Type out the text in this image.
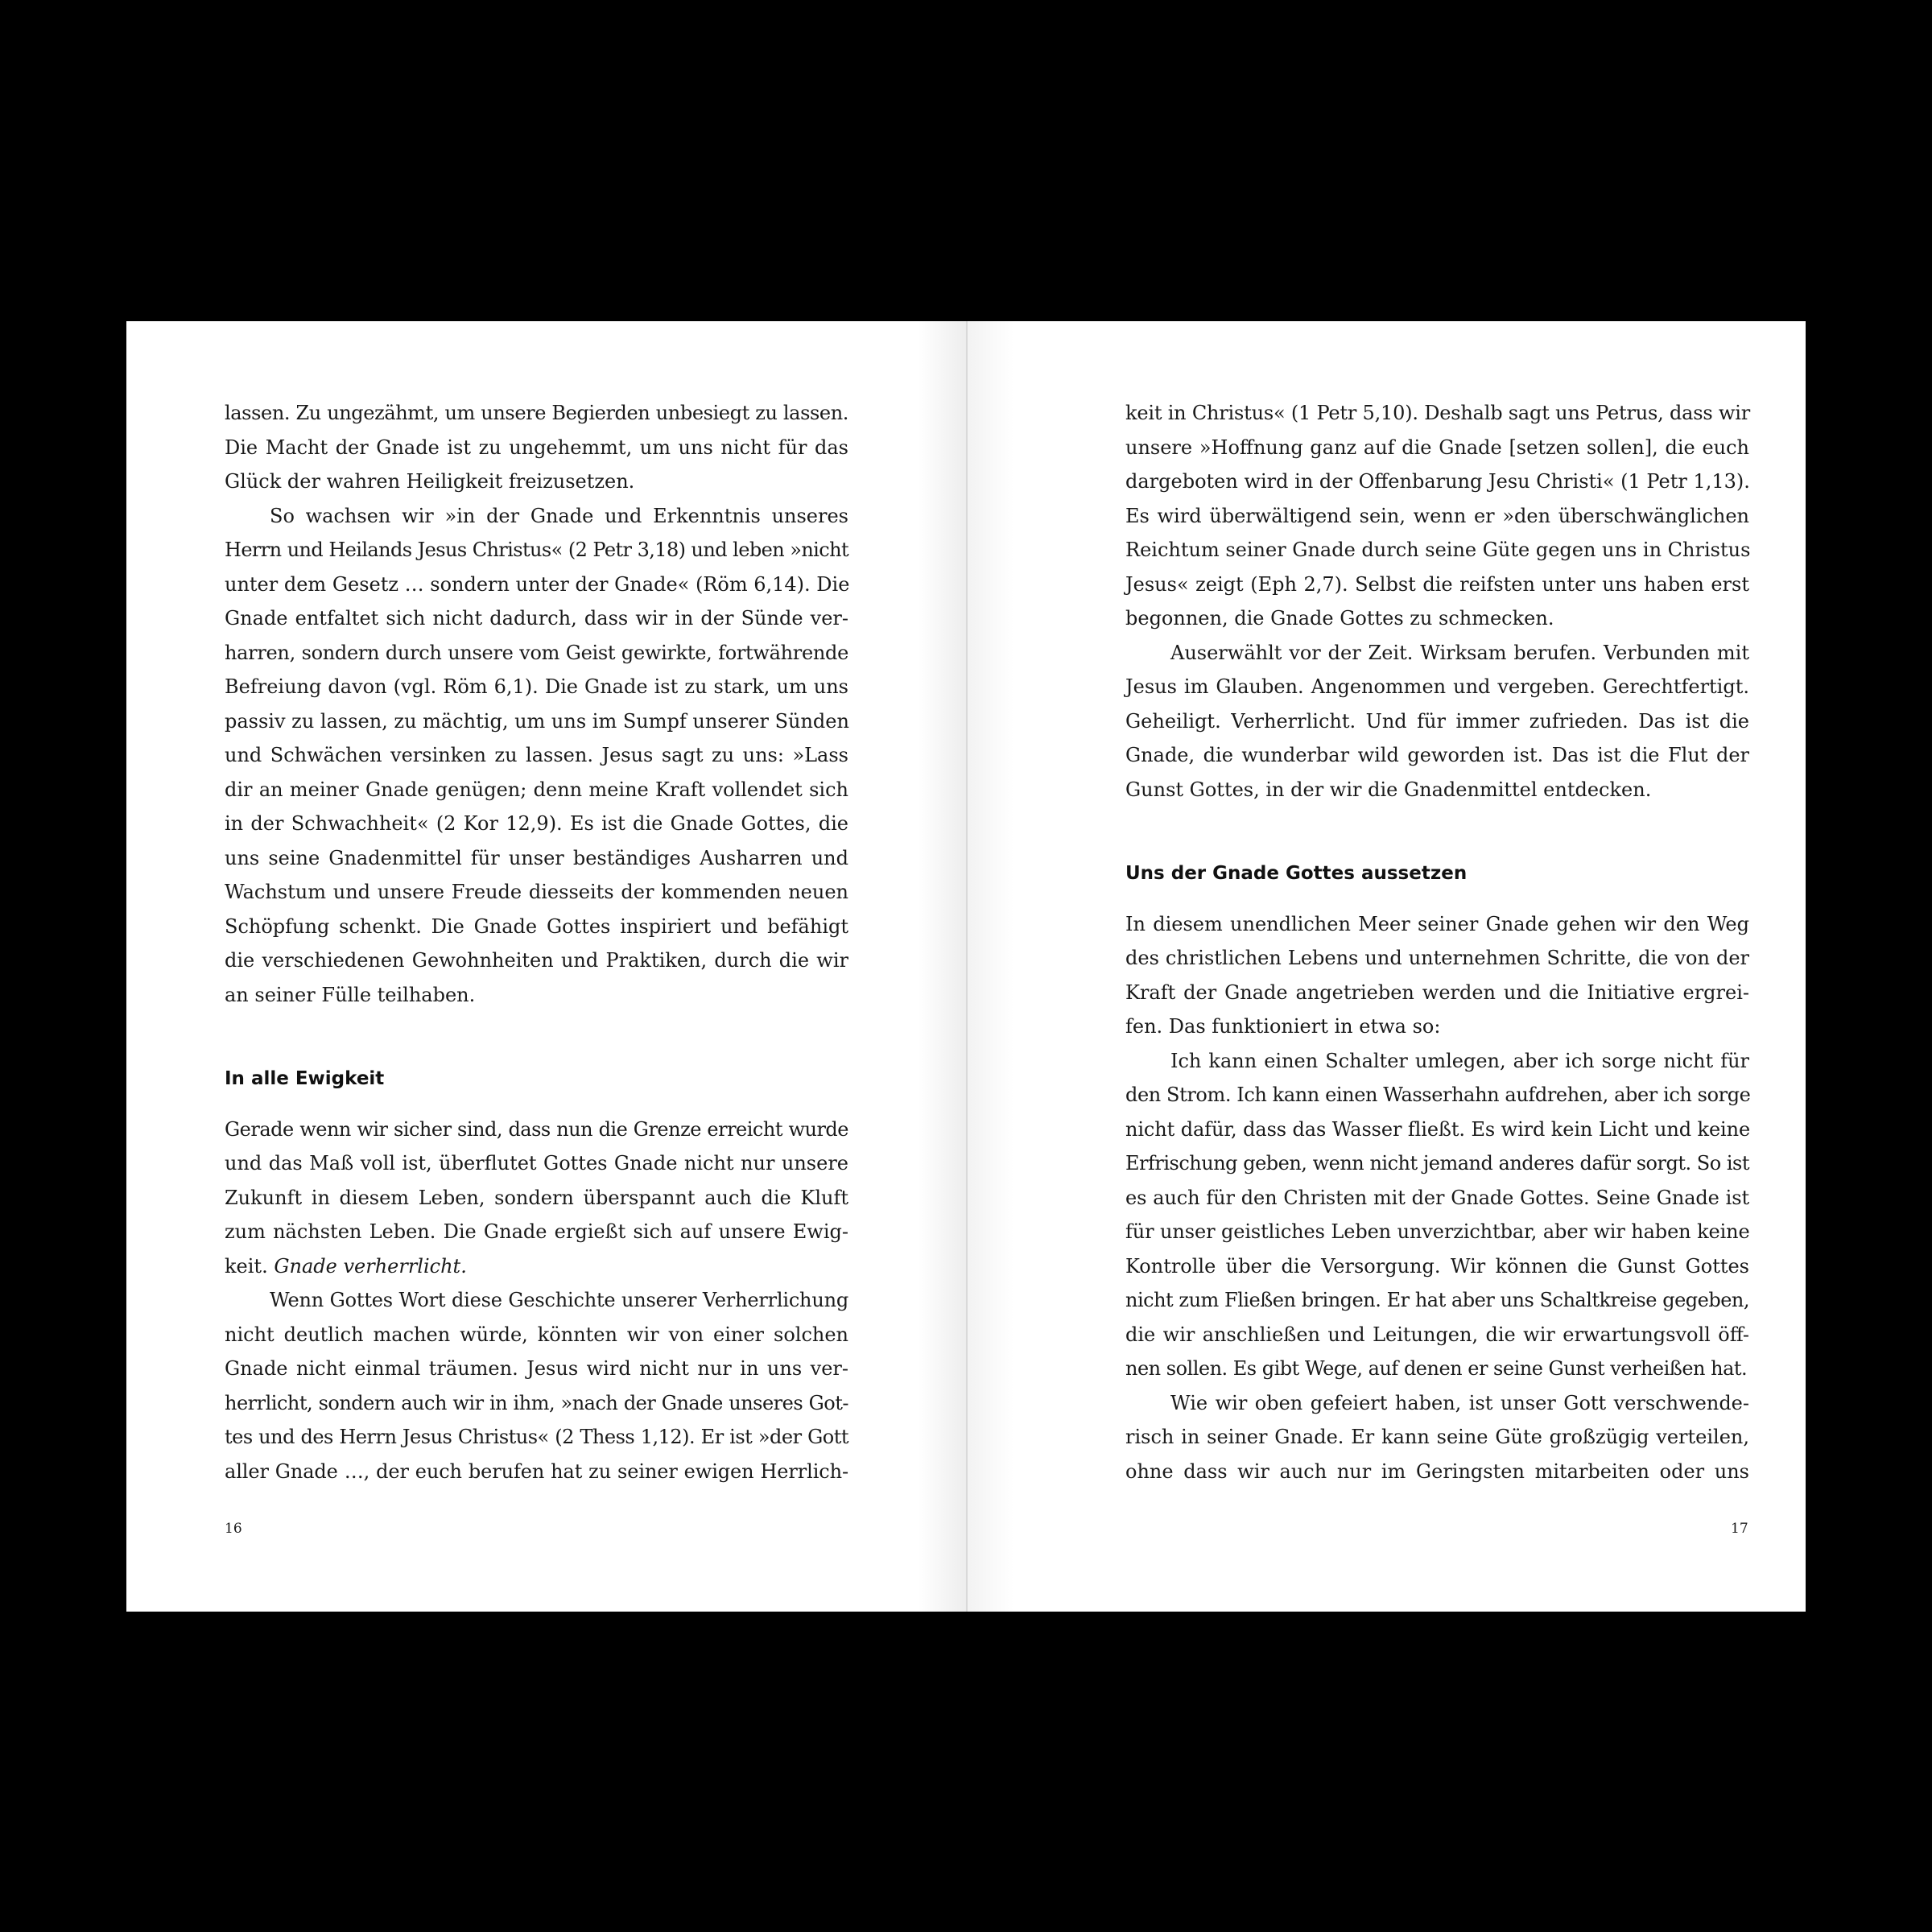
lassen. Zu ungezähmt, um unsere Begierden unbesiegt zu lassen.
Die Macht der Gnade ist zu ungehemmt, um uns nicht für das
Glück der wahren Heiligkeit freizusetzen.
So wachsen wir »in der Gnade und Erkenntnis unseres
Herrn und Heilands Jesus Christus« (2 Petr 3,18) und leben »nicht
unter dem Gesetz … sondern unter der Gnade« (Röm 6,14). Die
Gnade entfaltet sich nicht dadurch, dass wir in der Sünde ver-
harren, sondern durch unsere vom Geist gewirkte, fortwährende
Befreiung davon (vgl. Röm 6,1). Die Gnade ist zu stark, um uns
passiv zu lassen, zu mächtig, um uns im Sumpf unserer Sünden
und Schwächen versinken zu lassen. Jesus sagt zu uns: »Lass
dir an meiner Gnade genügen; denn meine Kraft vollendet sich
in der Schwachheit« (2 Kor 12,9). Es ist die Gnade Gottes, die
uns seine Gnadenmittel für unser beständiges Ausharren und
Wachstum und unsere Freude diesseits der kommenden neuen
Schöpfung schenkt. Die Gnade Gottes inspiriert und befähigt
die verschiedenen Gewohnheiten und Praktiken, durch die wir
an seiner Fülle teilhaben.
In alle Ewigkeit
Gerade wenn wir sicher sind, dass nun die Grenze erreicht wurde
und das Maß voll ist, überflutet Gottes Gnade nicht nur unsere
Zukunft in diesem Leben, sondern überspannt auch die Kluft
zum nächsten Leben. Die Gnade ergießt sich auf unsere Ewig-
keit. Gnade verherrlicht.
Wenn Gottes Wort diese Geschichte unserer Verherrlichung
nicht deutlich machen würde, könnten wir von einer solchen
Gnade nicht einmal träumen. Jesus wird nicht nur in uns ver-
herrlicht, sondern auch wir in ihm, »nach der Gnade unseres Got-
tes und des Herrn Jesus Christus« (2 Thess 1,12). Er ist »der Gott
aller Gnade …, der euch berufen hat zu seiner ewigen Herrlich-
16
keit in Christus« (1 Petr 5,10). Deshalb sagt uns Petrus, dass wir
unsere »Hoffnung ganz auf die Gnade [setzen sollen], die euch
dargeboten wird in der Offenbarung Jesu Christi« (1 Petr 1,13).
Es wird überwältigend sein, wenn er »den überschwänglichen
Reichtum seiner Gnade durch seine Güte gegen uns in Christus
Jesus« zeigt (Eph 2,7). Selbst die reifsten unter uns haben erst
begonnen, die Gnade Gottes zu schmecken.
Auserwählt vor der Zeit. Wirksam berufen. Verbunden mit
Jesus im Glauben. Angenommen und vergeben. Gerechtfertigt.
Geheiligt. Verherrlicht. Und für immer zufrieden. Das ist die
Gnade, die wunderbar wild geworden ist. Das ist die Flut der
Gunst Gottes, in der wir die Gnadenmittel entdecken.
Uns der Gnade Gottes aussetzen
In diesem unendlichen Meer seiner Gnade gehen wir den Weg
des christlichen Lebens und unternehmen Schritte, die von der
Kraft der Gnade angetrieben werden und die Initiative ergrei-
fen. Das funktioniert in etwa so:
Ich kann einen Schalter umlegen, aber ich sorge nicht für
den Strom. Ich kann einen Wasserhahn aufdrehen, aber ich sorge
nicht dafür, dass das Wasser fließt. Es wird kein Licht und keine
Erfrischung geben, wenn nicht jemand anderes dafür sorgt. So ist
es auch für den Christen mit der Gnade Gottes. Seine Gnade ist
für unser geistliches Leben unverzichtbar, aber wir haben keine
Kontrolle über die Versorgung. Wir können die Gunst Gottes
nicht zum Fließen bringen. Er hat aber uns Schaltkreise gegeben,
die wir anschließen und Leitungen, die wir erwartungsvoll öff-
nen sollen. Es gibt Wege, auf denen er seine Gunst verheißen hat.
Wie wir oben gefeiert haben, ist unser Gott verschwende-
risch in seiner Gnade. Er kann seine Güte großzügig verteilen,
ohne dass wir auch nur im Geringsten mitarbeiten oder uns
17
